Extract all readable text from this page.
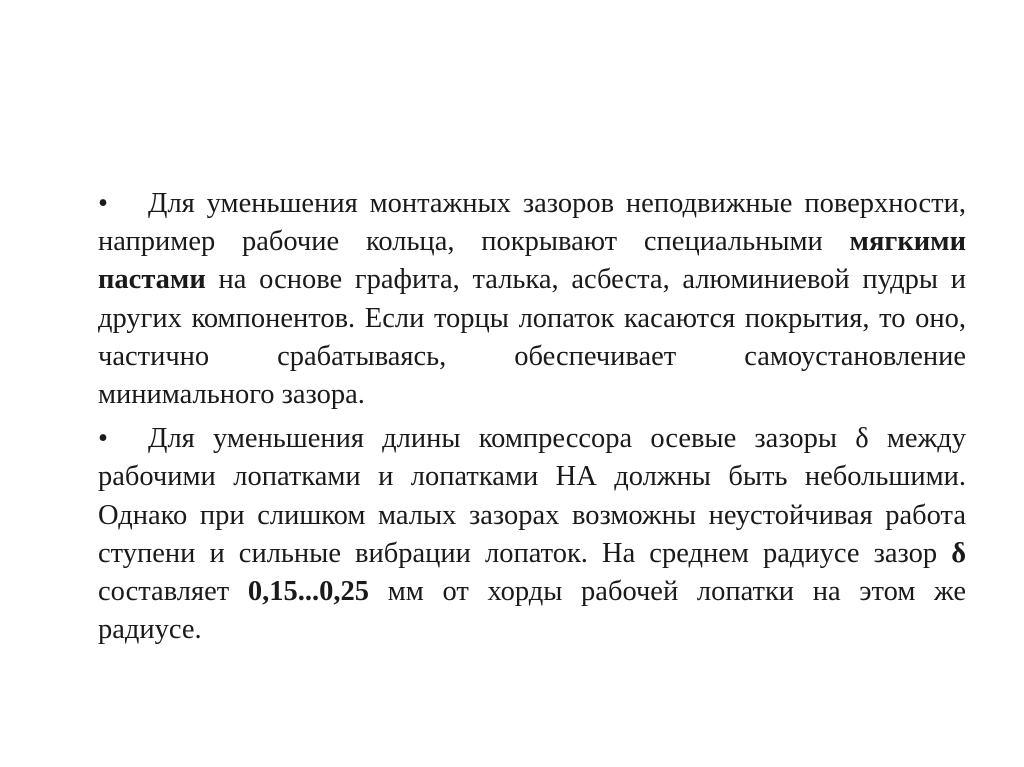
• Для уменьшения монтажных зазоров неподвижные поверхности, например рабочие кольца, покрывают специальными мягкими пастами на основе графита, талька, асбеста, алюминиевой пудры и других компонентов. Если торцы лопаток касаются покрытия, то оно, частично срабатываясь, обеспечивает самоустановление минимального зазора.

• Для уменьшения длины компрессора осевые зазоры δ между рабочими лопатками и лопатками НА должны быть небольшими. Однако при слишком малых зазорах возможны неустойчивая работа ступени и сильные вибрации лопаток. На среднем радиусе зазор δ составляет 0,15...0,25 мм от хорды рабочей лопатки на этом же радиусе.
